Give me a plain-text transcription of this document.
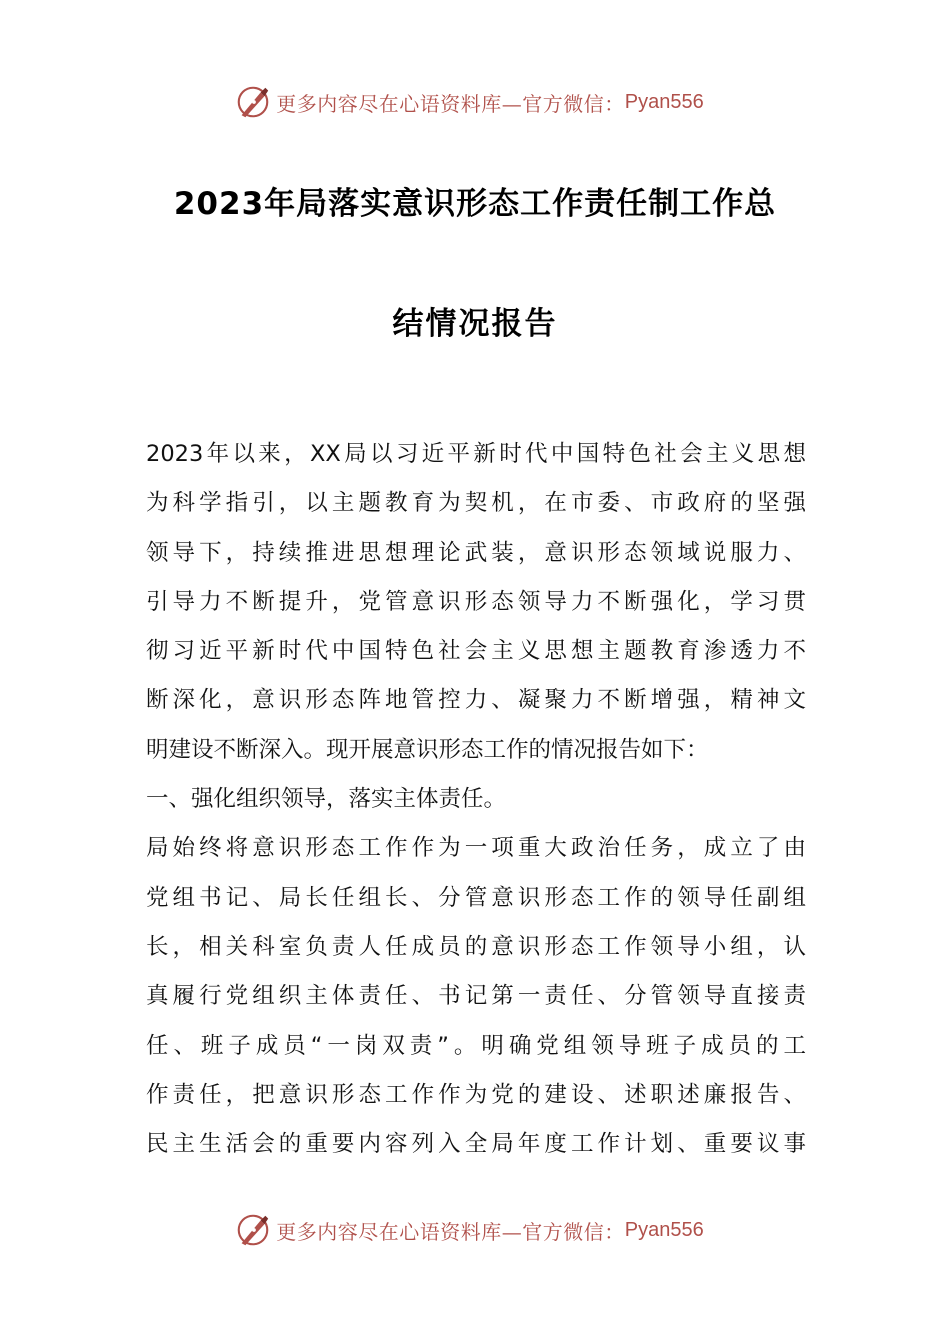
更多内容尽在心语资料库—官方微信： Pyan556
2023年局落实意识形态工作责任制工作总
结情况报告
2023年以来，XX局以习近平新时代中国特色社会主义思想
为科学指引，以主题教育为契机，在市委、市政府的坚强
领导下，持续推进思想理论武装，意识形态领域说服力、
引导力不断提升，党管意识形态领导力不断强化，学习贯
彻习近平新时代中国特色社会主义思想主题教育渗透力不
断深化，意识形态阵地管控力、凝聚力不断增强，精神文
明建设不断深入。现开展意识形态工作的情况报告如下：
一、强化组织领导，落实主体责任。
局始终将意识形态工作作为一项重大政治任务，成立了由
党组书记、局长任组长、分管意识形态工作的领导任副组
长，相关科室负责人任成员的意识形态工作领导小组，认
真履行党组织主体责任、书记第一责任、分管领导直接责
任、班子成员“一岗双责”。明确党组领导班子成员的工
作责任，把意识形态工作作为党的建设、述职述廉报告、
民主生活会的重要内容列入全局年度工作计划、重要议事
更多内容尽在心语资料库—官方微信： Pyan556
